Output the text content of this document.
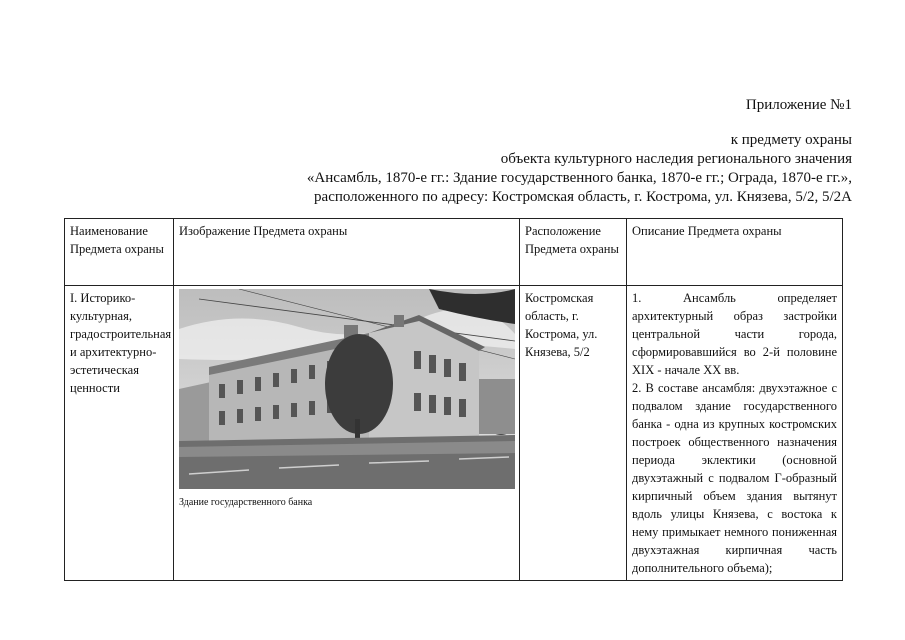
Приложение №1
к предмету охраны
объекта культурного наследия регионального значения
«Ансамбль, 1870-е гг.: Здание государственного банка, 1870-е гг.; Ограда, 1870-е гг.»,
расположенного по адресу: Костромская область, г. Кострома, ул. Князева, 5/2, 5/2А
Наименование Предмета охраны	Изображение Предмета охраны	Расположение Предмета охраны	Описание Предмета охраны
I. Историко-культурная, градостроительная и архитектурно-эстетическая ценности	Здание государственного банка	Костромская область, г. Кострома, ул. Князева, 5/2	1. Ансамбль определяет архитектурный образ застройки центральной части города, сформировавшийся во 2-й половине XIX - начале XX вв.

2. В составе ансамбля: двухэтажное с подвалом здание государственного банка - одна из крупных костромских построек общественного назначения периода эклектики (основной двухэтажный с подвалом Г-образный кирпичный объем здания вытянут вдоль улицы Князева, с востока к нему примыкает немного пониженная двухэтажная кирпичная часть дополнительного объема);
